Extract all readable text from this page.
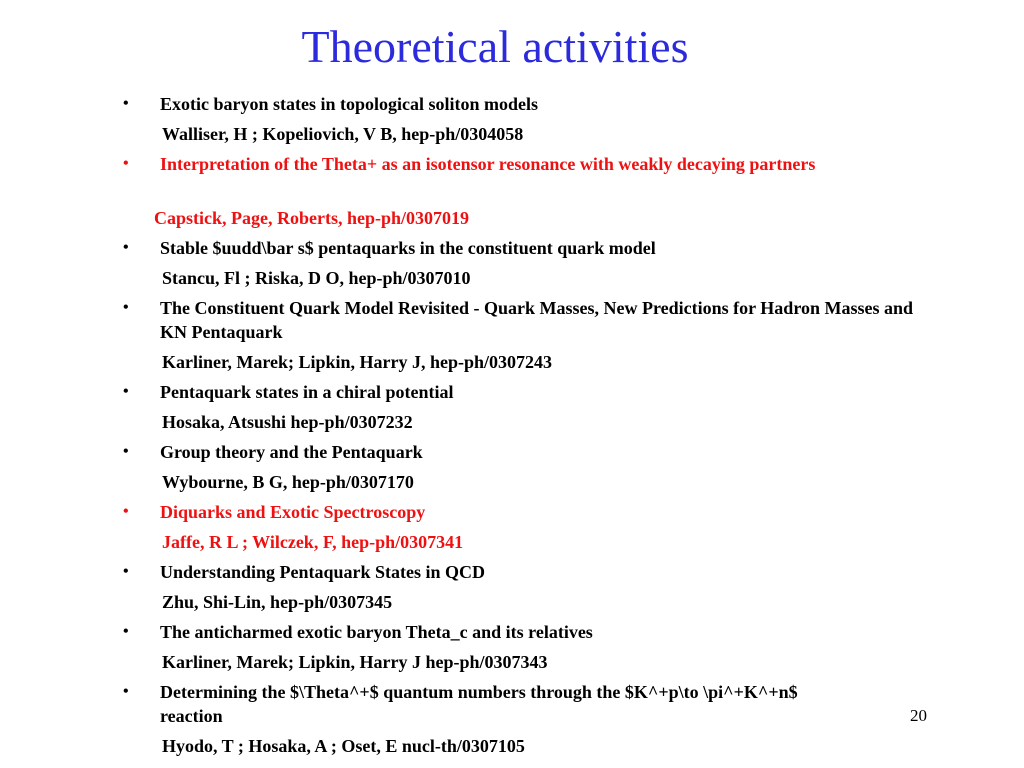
Theoretical activities
• Exotic baryon states in topological soliton models
Walliser, H ; Kopeliovich, V B, hep-ph/0304058
• Interpretation of the Theta+ as an isotensor resonance with weakly decaying partners
Capstick, Page, Roberts, hep-ph/0307019
• Stable $uudd\bar s$ pentaquarks in the constituent quark model
Stancu, Fl ; Riska, D O, hep-ph/0307010
• The Constituent Quark Model Revisited - Quark Masses, New Predictions for Hadron Masses and KN Pentaquark
Karliner, Marek; Lipkin, Harry J, hep-ph/0307243
• Pentaquark states in a chiral potential
Hosaka, Atsushi hep-ph/0307232
• Group theory and the Pentaquark
Wybourne, B G, hep-ph/0307170
• Diquarks and Exotic Spectroscopy
Jaffe, R L ; Wilczek, F, hep-ph/0307341
• Understanding Pentaquark States in QCD
Zhu, Shi-Lin, hep-ph/0307345
• The anticharmed exotic baryon Theta_c and its relatives
Karliner, Marek; Lipkin, Harry J hep-ph/0307343
• Determining the $\Theta^+$ quantum numbers through the $K^+p\to \pi^+K^+n$ reaction
Hyodo, T ; Hosaka, A ; Oset, E nucl-th/0307105
20
